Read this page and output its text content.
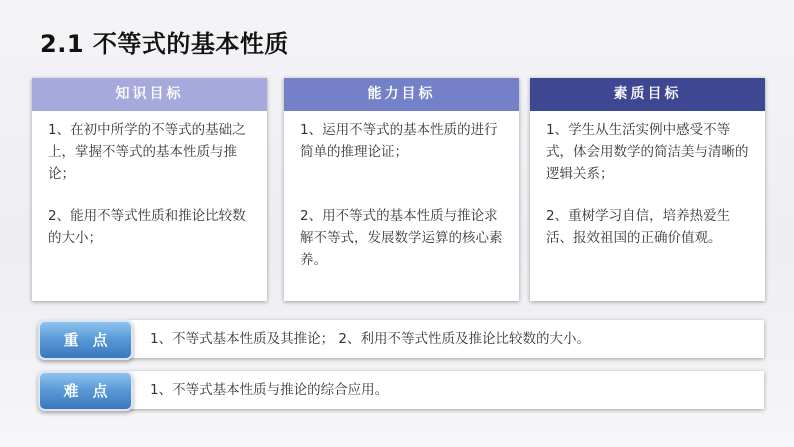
2.1 不等式的基本性质
知识目标

1、在初中所学的不等式的基础之上，掌握不等式的基本性质与推论；

2、能用不等式性质和推论比较数的大小；

能力目标

1、运用不等式的基本性质的进行简单的推理论证；

2、用不等式的基本性质与推论求解不等式，发展数学运算的核心素养。

素质目标

1、学生从生活实例中感受不等式，体会用数学的简洁美与清晰的逻辑关系；

2、重树学习自信，培养热爱生活、报效祖国的正确价值观。

1、不等式基本性质及其推论； 2、利用不等式性质及推论比较数的大小。
重点
1、不等式基本性质与推论的综合应用。
难点
